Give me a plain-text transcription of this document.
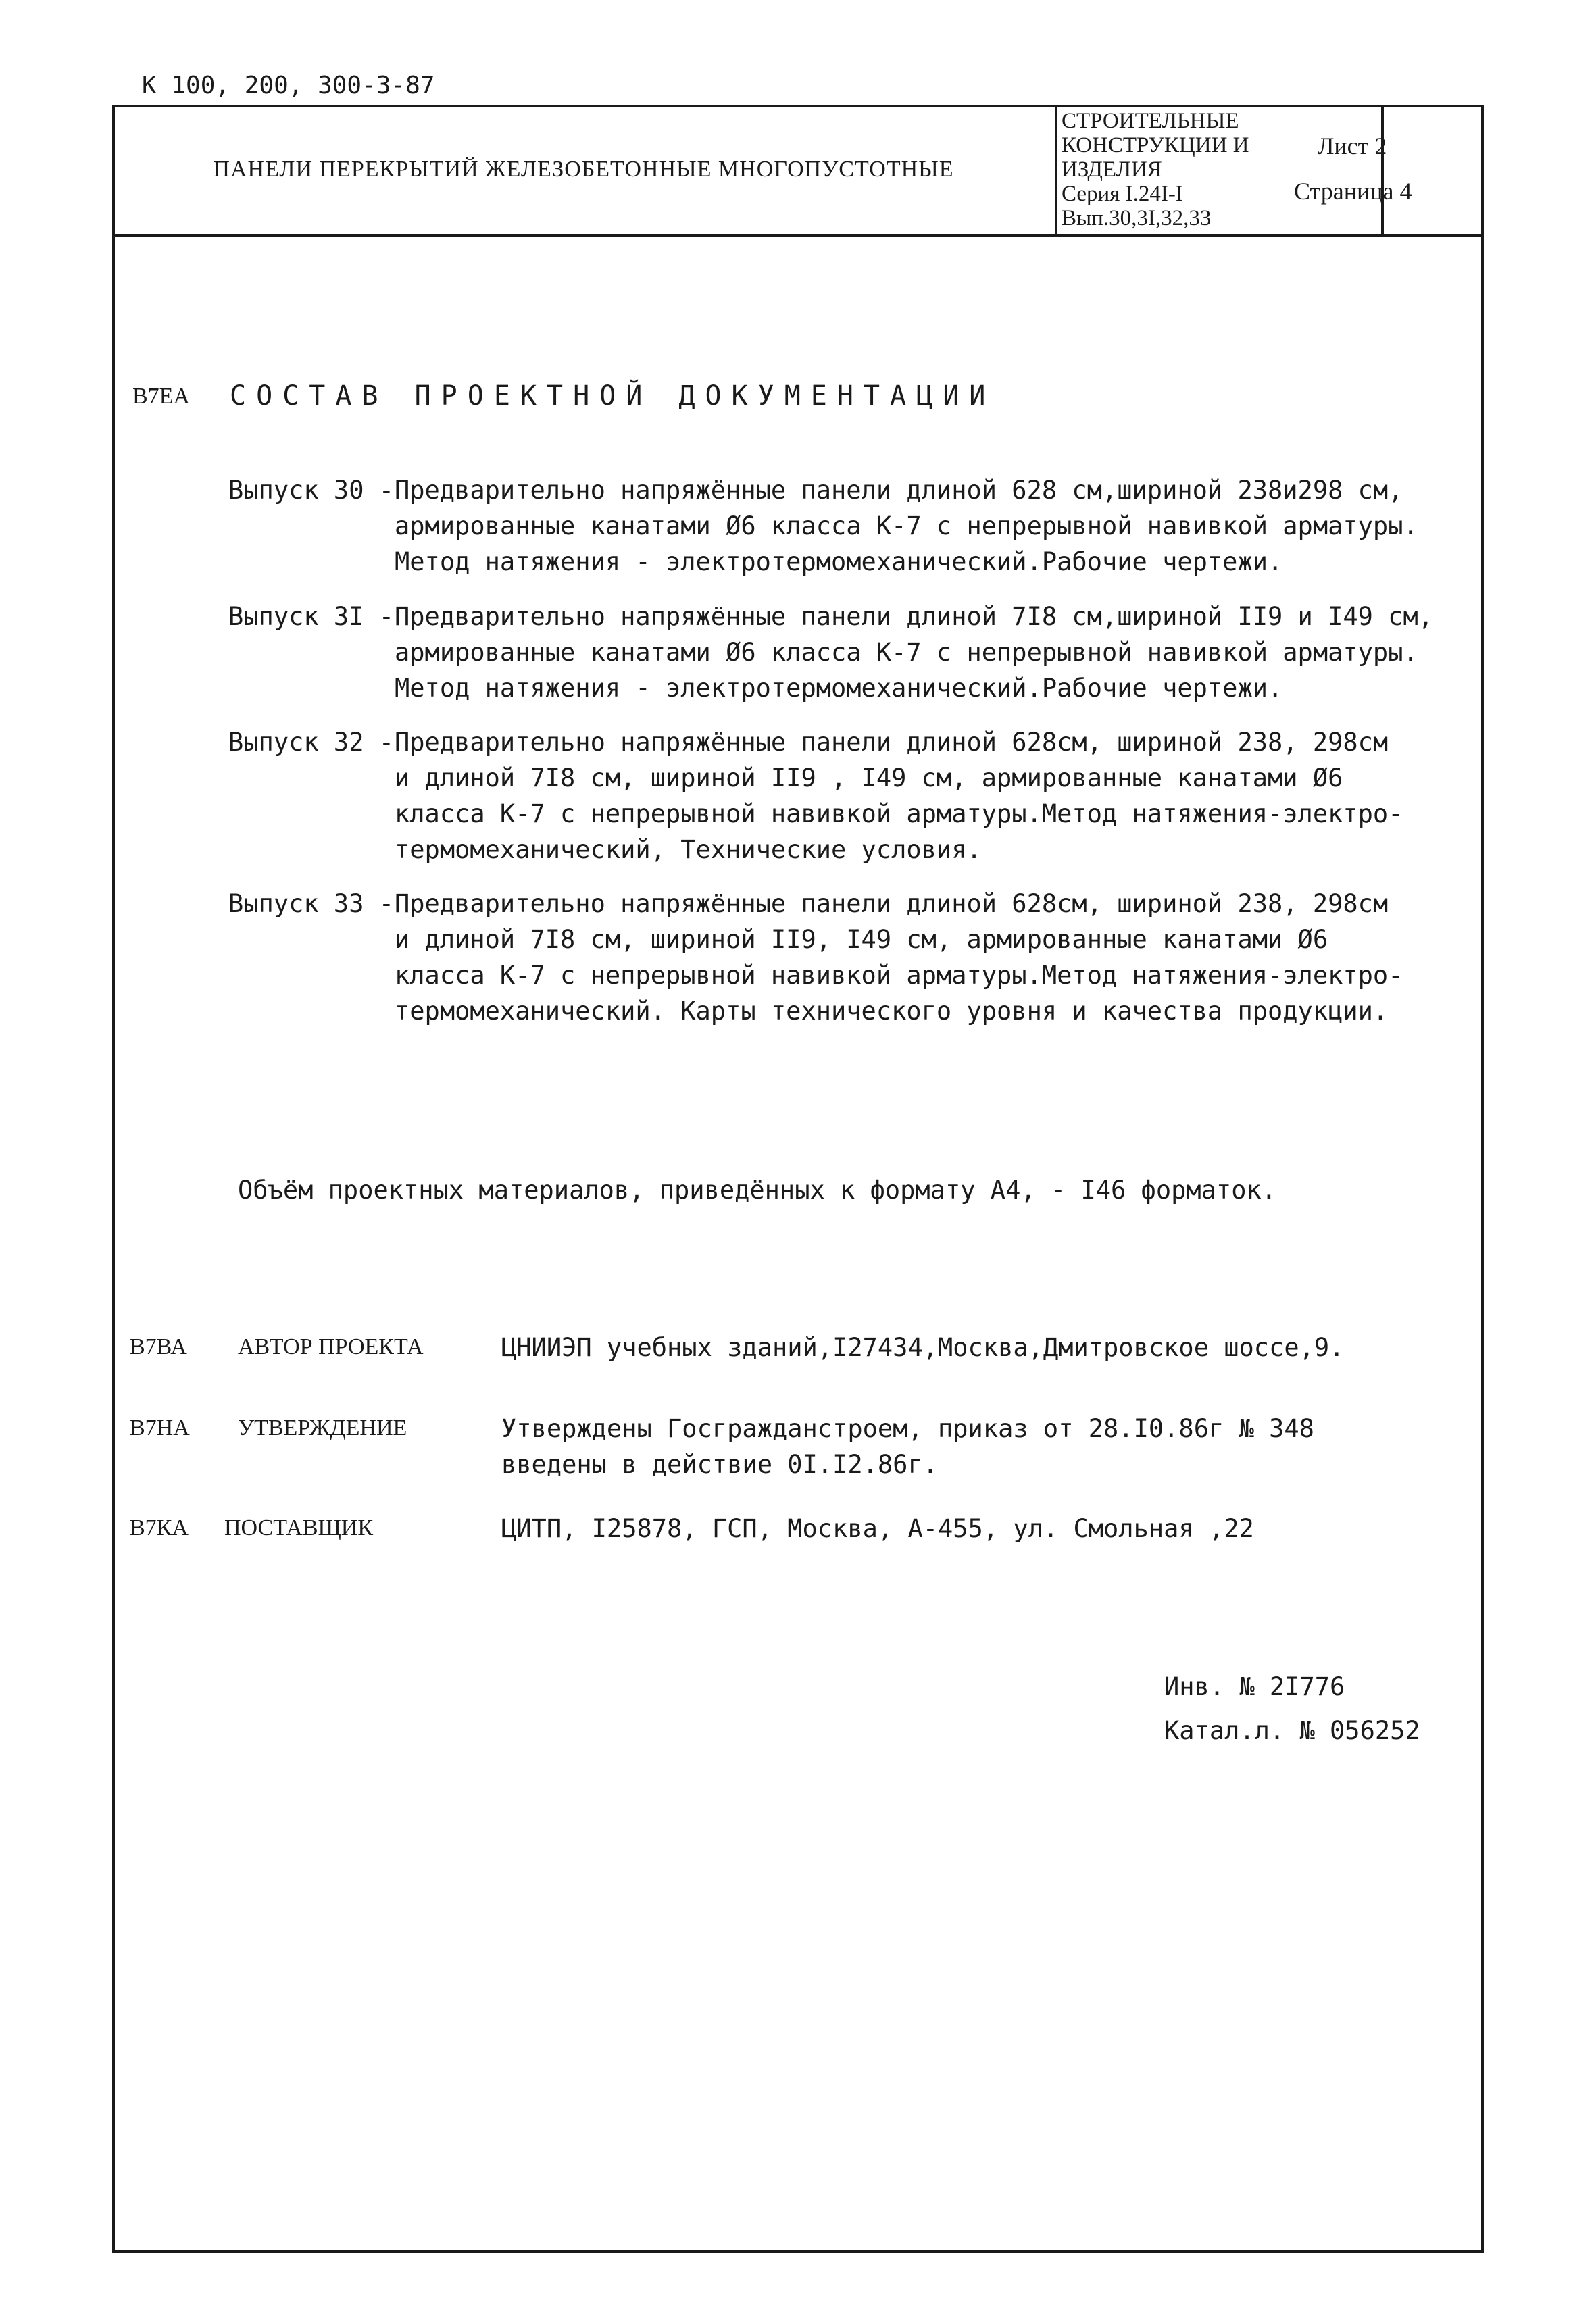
К 100, 200, 300-3-87
ПАНЕЛИ ПЕРЕКРЫТИЙ ЖЕЛЕЗОБЕТОННЫЕ МНОГОПУСТОТНЫЕ
СТРОИТЕЛЬНЫЕ
КОНСТРУКЦИИ И
ИЗДЕЛИЯ
Серия I.24I-I
Вып.30,3I,32,33
Лист 2
Страница 4
В7ЕА СОСТАВ ПРОЕКТНОЙ ДОКУМЕНТАЦИИ
Выпуск 30 - Предварительно напряжённые панели длиной 628 см,шириной 238и298 см,
армированные канатами Ø6 класса К-7 с непрерывной навивкой арматуры.
Метод натяжения - электротермомеханический.Рабочие чертежи.
Выпуск 3I - Предварительно напряжённые панели длиной 7I8 см,шириной II9 и I49 см,
армированные канатами Ø6 класса К-7 с непрерывной навивкой арматуры.
Метод натяжения - электротермомеханический.Рабочие чертежи.
Выпуск 32 - Предварительно напряжённые панели длиной 628см, шириной 238, 298см
и длиной 7I8 см, шириной II9 , I49 см, армированные канатами Ø6
класса К-7 с непрерывной навивкой арматуры.Метод натяжения-электро-
термомеханический, Технические условия.
Выпуск 33 - Предварительно напряжённые панели длиной 628см, шириной 238, 298см
и длиной 7I8 см, шириной II9, I49 см, армированные канатами Ø6
класса К-7 с непрерывной навивкой арматуры.Метод натяжения-электро-
термомеханический. Карты технического уровня и качества продукции.
Объём проектных материалов, приведённых к формату А4, - I46 форматок.
В7ВА АВТОР ПРОЕКТА	ЦНИИЭП учебных зданий,I27434,Москва,Дмитровское шоссе,9.
В7НА УТВЕРЖДЕНИЕ	Утверждены Госгражданстроем, приказ от 28.I0.86г № 348
введены в действие 0I.I2.86г.
В7КА ПОСТАВЩИК	ЦИТП, I25878, ГСП, Москва, А-455, ул. Смольная ,22
Инв. № 2I776
Катал.л. № 056252
